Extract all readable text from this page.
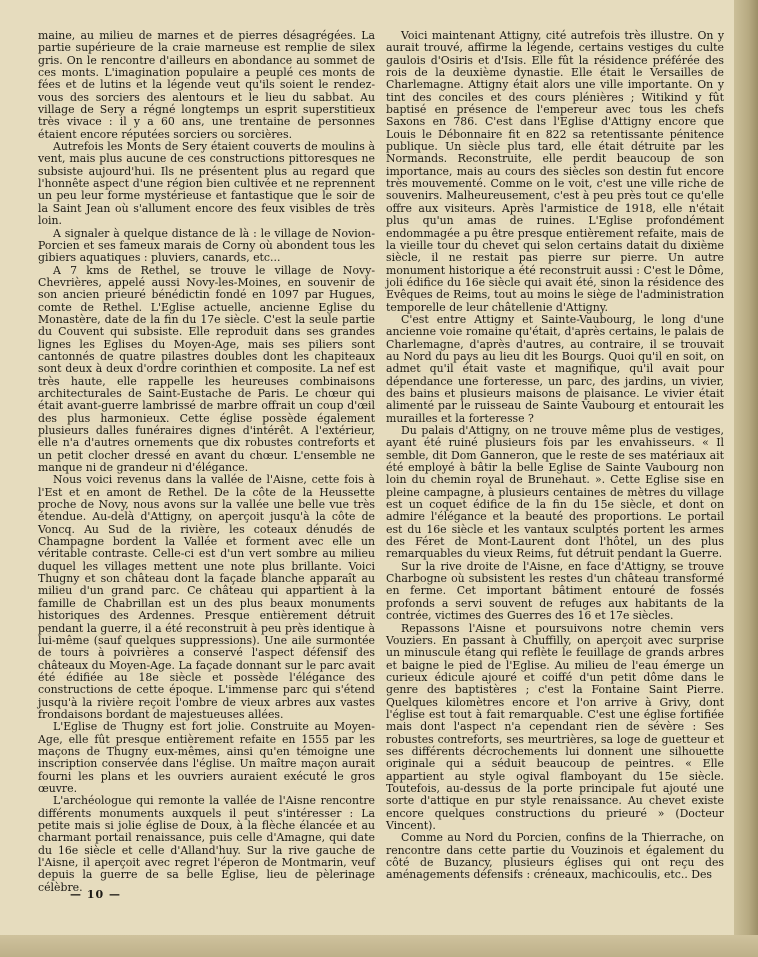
maine, au milieu de marnes et de pierres désagrégées. La partie supérieure de la craie marneuse est remplie de silex gris. On le rencontre d'ailleurs en abondance au sommet de ces monts. L'imagination populaire a peuplé ces monts de fées et de lutins et la légende veut qu'ils soient le rendez-vous des sorciers des alentours et le lieu du sabbat. Au village de Sery a régné longtemps un esprit superstitieux très vivace : il y a 60 ans, une trentaine de personnes étaient encore réputées sorciers ou sorcières.

Autrefois les Monts de Sery étaient couverts de moulins à vent, mais plus aucune de ces constructions pittoresques ne subsiste aujourd'hui. Ils ne présentent plus au regard que l'honnête aspect d'une région bien cultivée et ne reprennent un peu leur forme mystérieuse et fantastique que le soir de la Saint Jean où s'allument encore des feux visibles de très loin.

A signaler à quelque distance de là : le village de Novion-Porcien et ses fameux marais de Corny où abondent tous les gibiers aquatiques : pluviers, canards, etc...

A 7 kms de Rethel, se trouve le village de Novy-Chevrières, appelé aussi Novy-les-Moines, en souvenir de son ancien prieuré bénédictin fondé en 1097 par Hugues, comte de Rethel. L'Eglise actuelle, ancienne Eglise du Monastère, date de la fin du 17e siècle. C'est la seule partie du Couvent qui subsiste. Elle reproduit dans ses grandes lignes les Eglises du Moyen-Age, mais ses piliers sont cantonnés de quatre pilastres doubles dont les chapiteaux sont deux à deux d'ordre corinthien et composite. La nef est très haute, elle rappelle les heureuses combinaisons architecturales de Saint-Eustache de Paris. Le chœur qui était avant-guerre lambrissé de marbre offrait un coup d'œil des plus harmonieux. Cette église possède également plusieurs dalles funéraires dignes d'intérêt. A l'extérieur, elle n'a d'autres ornements que dix robustes contreforts et un petit clocher dressé en avant du chœur. L'ensemble ne manque ni de grandeur ni d'élégance.

Nous voici revenus dans la vallée de l'Aisne, cette fois à l'Est et en amont de Rethel. De la côte de la Heussette proche de Novy, nous avons sur la vallée une belle vue très étendue. Au-delà d'Attigny, on aperçoit jusqu'à la côte de Voncq. Au Sud de la rivière, les coteaux dénudés de Champagne bordent la Vallée et forment avec elle un véritable contraste. Celle-ci est d'un vert sombre au milieu duquel les villages mettent une note plus brillante. Voici Thugny et son château dont la façade blanche apparaît au milieu d'un grand parc. Ce château qui appartient à la famille de Chabrillan est un des plus beaux monuments historiques des Ardennes. Presque entièrement détruit pendant la guerre, il a été reconstruit à peu près identique à lui-même (sauf quelques suppressions). Une aile surmontée de tours à poivrières a conservé l'aspect défensif des châteaux du Moyen-Age. La façade donnant sur le parc avait été édifiée au 18e siècle et possède l'élégance des constructions de cette époque. L'immense parc qui s'étend jusqu'à la rivière reçoit l'ombre de vieux arbres aux vastes frondaisons bordant de majestueuses allées.

L'Eglise de Thugny est fort jolie. Construite au Moyen-Age, elle fût presque entièrement refaite en 1555 par les maçons de Thugny eux-mêmes, ainsi qu'en témoigne une inscription conservée dans l'église. Un maître maçon aurait fourni les plans et les ouvriers auraient exécuté le gros œuvre.

L'archéologue qui remonte la vallée de l'Aisne rencontre différents monuments auxquels il peut s'intéresser : La petite mais si jolie église de Doux, à la flèche élancée et au charmant portail renaissance, puis celle d'Amagne, qui date du 16e siècle et celle d'Alland'huy. Sur la rive gauche de l'Aisne, il aperçoit avec regret l'éperon de Montmarin, veuf depuis la guerre de sa belle Eglise, lieu de pèlerinage célèbre.

Voici maintenant Attigny, cité autrefois très illustre. On y aurait trouvé, affirme la légende, certains vestiges du culte gaulois d'Osiris et d'Isis. Elle fût la résidence préférée des rois de la deuxième dynastie. Elle était le Versailles de Charlemagne. Attigny était alors une ville importante. On y tint des conciles et des cours plénières ; Witikind y fût baptisé en présence de l'empereur avec tous les chefs Saxons en 786. C'est dans l'Eglise d'Attigny encore que Louis le Débonnaire fit en 822 sa retentissante pénitence publique. Un siècle plus tard, elle était détruite par les Normands. Reconstruite, elle perdit beaucoup de son importance, mais au cours des siècles son destin fut encore très mouvementé. Comme on le voit, c'est une ville riche de souvenirs. Malheureusement, c'est à peu près tout ce qu'elle offre aux visiteurs. Après l'armistice de 1918, elle n'était plus qu'un amas de ruines. L'Eglise profondément endommagée a pu être presque entièrement refaite, mais de la vieille tour du chevet qui selon certains datait du dixième siècle, il ne restait pas pierre sur pierre. Un autre monument historique a été reconstruit aussi : C'est le Dôme, joli édifice du 16e siècle qui avait été, sinon la résidence des Evêques de Reims, tout au moins le siège de l'administration temporelle de leur châtellenie d'Attigny.

C'est entre Attigny et Sainte-Vaubourg, le long d'une ancienne voie romaine qu'était, d'après certains, le palais de Charlemagne, d'après d'autres, au contraire, il se trouvait au Nord du pays au lieu dit les Bourgs. Quoi qu'il en soit, on admet qu'il était vaste et magnifique, qu'il avait pour dépendance une forteresse, un parc, des jardins, un vivier, des bains et plusieurs maisons de plaisance. Le vivier était alimenté par le ruisseau de Sainte Vaubourg et entourait les murailles et la forteresse ?

Du palais d'Attigny, on ne trouve même plus de vestiges, ayant été ruiné plusieurs fois par les envahisseurs. « Il semble, dit Dom Ganneron, que le reste de ses matériaux ait été employé à bâtir la belle Eglise de Sainte Vaubourg non loin du chemin royal de Brunehaut. ». Cette Eglise sise en pleine campagne, à plusieurs centaines de mètres du village est un coquet édifice de la fin du 15e siècle, et dont on admire l'élégance et la beauté des proportions. Le portail est du 16e siècle et les vantaux sculptés portent les armes des Féret de Mont-Laurent dont l'hôtel, un des plus remarquables du vieux Reims, fut détruit pendant la Guerre.

Sur la rive droite de l'Aisne, en face d'Attigny, se trouve Charbogne où subsistent les restes d'un château transformé en ferme. Cet important bâtiment entouré de fossés profonds a servi souvent de refuges aux habitants de la contrée, victimes des Guerres des 16 et 17e siècles.

Repassons l'Aisne et poursuivons notre chemin vers Vouziers. En passant à Chuffilly, on aperçoit avec surprise un minuscule étang qui reflète le feuillage de grands arbres et baigne le pied de l'Eglise. Au milieu de l'eau émerge un curieux édicule ajouré et coiffé d'un petit dôme dans le genre des baptistères ; c'est la Fontaine Saint Pierre. Quelques kilomètres encore et l'on arrive à Grivy, dont l'église est tout à fait remarquable. C'est une église fortifiée mais dont l'aspect n'a cependant rien de sévère : Ses robustes contreforts, ses meurtrières, sa loge de guetteur et ses différents décrochements lui donnent une silhouette originale qui a séduit beaucoup de peintres. « Elle appartient au style ogival flamboyant du 15e siècle. Toutefois, au-dessus de la porte principale fut ajouté une sorte d'attique en pur style renaissance. Au chevet existe encore quelques constructions du prieuré » (Docteur Vincent).

Comme au Nord du Porcien, confins de la Thierrache, on rencontre dans cette partie du Vouzinois et également du côté de Buzancy, plusieurs églises qui ont reçu des aménagements défensifs : créneaux, machicoulis, etc.. Des

— 10 —
